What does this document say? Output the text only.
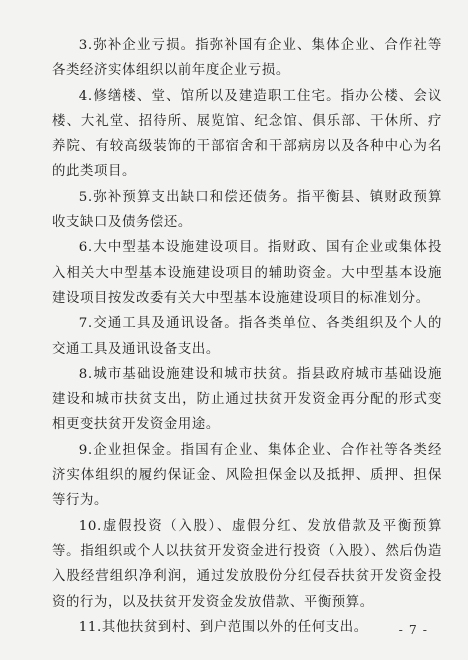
3.弥补企业亏损。指弥补国有企业、集体企业、合作社等各类经济实体组织以前年度企业亏损。

4.修缮楼、堂、馆所以及建造职工住宅。指办公楼、会议楼、大礼堂、招待所、展览馆、纪念馆、俱乐部、干休所、疗养院、有较高级装饰的干部宿舍和干部病房以及各种中心为名的此类项目。

5.弥补预算支出缺口和偿还债务。指平衡县、镇财政预算收支缺口及债务偿还。

6.大中型基本设施建设项目。指财政、国有企业或集体投入相关大中型基本设施建设项目的辅助资金。大中型基本设施建设项目按发改委有关大中型基本设施建设项目的标准划分。

7.交通工具及通讯设备。指各类单位、各类组织及个人的交通工具及通讯设备支出。

8.城市基础设施建设和城市扶贫。指县政府城市基础设施建设和城市扶贫支出，防止通过扶贫开发资金再分配的形式变相更变扶贫开发资金用途。

9.企业担保金。指国有企业、集体企业、合作社等各类经济实体组织的履约保证金、风险担保金以及抵押、质押、担保等行为。

10.虚假投资（入股）、虚假分红、发放借款及平衡预算等。指组织或个人以扶贫开发资金进行投资（入股）、然后伪造入股经营组织净利润，通过发放股份分红侵吞扶贫开发资金投资的行为，以及扶贫开发资金发放借款、平衡预算。

11.其他扶贫到村、到户范围以外的任何支出。	- 7 -
